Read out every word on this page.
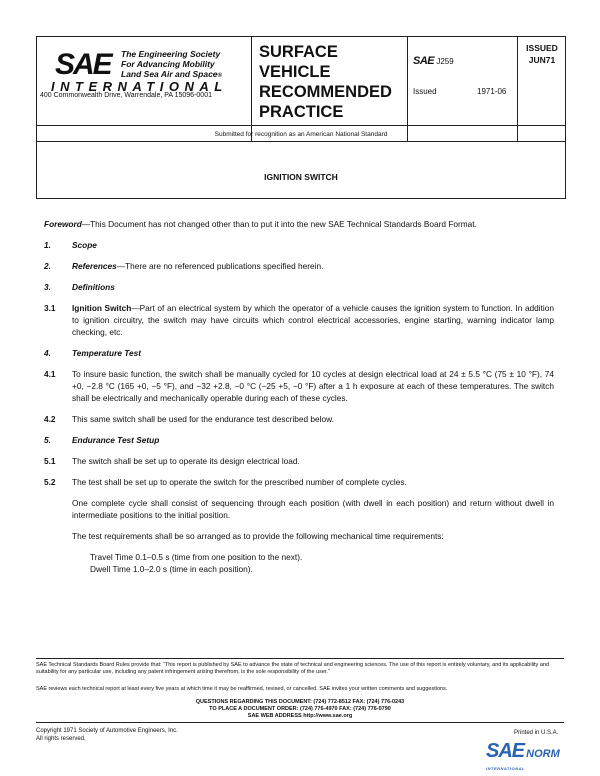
SAE The Engineering Society
For Advancing Mobility
Land Sea Air and Space®
INTERNATIONAL
400 Commonwealth Drive, Warrendale, PA 15096-0001
SURFACE
VEHICLE
RECOMMENDED
PRACTICE
SAE J259
Issued	1971-06
ISSUED
JUN71
Submitted for recognition as an American National Standard
IGNITION SWITCH

Foreword—This Document has not changed other than to put it into the new SAE Technical Standards Board Format.

1.	Scope
2.	References—There are no referenced publications specified herein.
3.	Definitions
3.1	Ignition Switch—Part of an electrical system by which the operator of a vehicle causes the ignition system to function. In addition to ignition circuitry, the switch may have circuits which control electrical accessories, engine starting, warning indicator lamp checking, etc.
4.	Temperature Test
4.1	To insure basic function, the switch shall be manually cycled for 10 cycles at design electrical load at 24 ± 5.5 °C (75 ± 10 °F), 74 +0, −2.8 °C (165 +0, −5 °F), and −32 +2.8, −0 °C (−25 +5, −0 °F) after a 1 h exposure at each of these temperatures. The switch shall be electrically and mechanically operable during each of these cycles.
4.2	This same switch shall be used for the endurance test described below.
5.	Endurance Test Setup
5.1	The switch shall be set up to operate its design electrical load.
5.2	The test shall be set up to operate the switch for the prescribed number of complete cycles.
One complete cycle shall consist of sequencing through each position (with dwell in each position) and return without dwell in intermediate positions to the initial position.
The test requirements shall be so arranged as to provide the following mechanical time requirements:
Travel Time 0.1–0.5 s (time from one position to the next).
Dwell Time 1.0–2.0 s (time in each position).
SAE Technical Standards Board Rules provide that: “This report is published by SAE to advance the state of technical and engineering sciences. The use of this report is entirely voluntary, and its applicability and suitability for any particular use, including any patent infringement arising therefrom, is the sole responsibility of the user.”
SAE reviews each technical report at least every five years at which time it may be reaffirmed, revised, or cancelled. SAE invites your written comments and suggestions.
QUESTIONS REGARDING THIS DOCUMENT: (724) 772-8512 FAX: (724) 776-0243
TO PLACE A DOCUMENT ORDER: (724) 776-4970 FAX: (724) 776-0790
SAE WEB ADDRESS http://www.sae.org
Copyright 1971 Society of Automotive Engineers, Inc.
All rights reserved.
Printed in U.S.A.
SAE NORM
INTERNATIONAL
